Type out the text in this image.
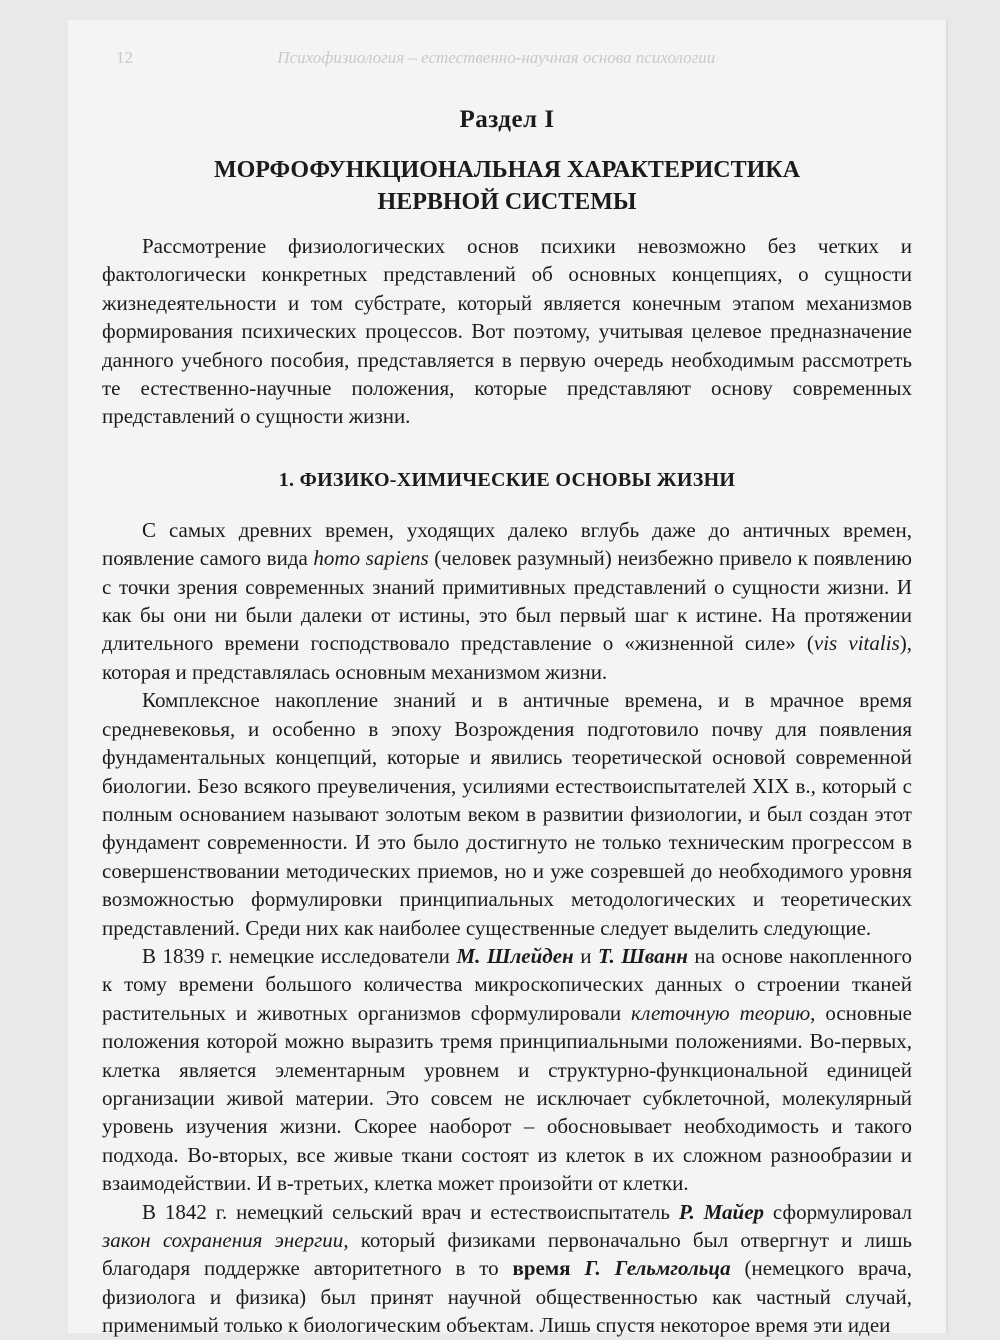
12	Психофизиология – естественно-научная основа психологии
Раздел I
МОРФОФУНКЦИОНАЛЬНАЯ ХАРАКТЕРИСТИКА
НЕРВНОЙ СИСТЕМЫ

Рассмотрение физиологических основ психики невозможно без четких и фактологически конкретных представлений об основных концепциях, о сущности жизнедеятельности и том субстрате, который является конечным этапом механизмов формирования психических процессов. Вот поэтому, учитывая целевое предназначение данного учебного пособия, представляется в первую очередь необходимым рассмотреть те естественно-научные положения, которые представляют основу современных представлений о сущности жизни.

1. ФИЗИКО-ХИМИЧЕСКИЕ ОСНОВЫ ЖИЗНИ

С самых древних времен, уходящих далеко вглубь даже до античных времен, появление самого вида homo sapiens (человек разумный) неизбежно привело к появлению с точки зрения современных знаний примитивных представлений о сущности жизни. И как бы они ни были далеки от истины, это был первый шаг к истине. На протяжении длительного времени господствовало представление о «жизненной силе» (vis vitalis), которая и представлялась основным механизмом жизни.

Комплексное накопление знаний и в античные времена, и в мрачное время средневековья, и особенно в эпоху Возрождения подготовило почву для появления фундаментальных концепций, которые и явились теоретической основой современной биологии. Безо всякого преувеличения, усилиями естествоиспытателей XIX в., который с полным основанием называют золотым веком в развитии физиологии, и был создан этот фундамент современности. И это было достигнуто не только техническим прогрессом в совершенствовании методических приемов, но и уже созревшей до необходимого уровня возможностью формулировки принципиальных методологических и теоретических представлений. Среди них как наиболее существенные следует выделить следующие.

В 1839 г. немецкие исследователи М. Шлейден и Т. Шванн на основе накопленного к тому времени большого количества микроскопических данных о строении тканей растительных и животных организмов сформулировали клеточную теорию, основные положения которой можно выразить тремя принципиальными положениями. Во-первых, клетка является элементарным уровнем и структурно-функциональной единицей организации живой материи. Это совсем не исключает субклеточной, молекулярный уровень изучения жизни. Скорее наоборот – обосновывает необходимость и такого подхода. Во-вторых, все живые ткани состоят из клеток в их сложном разнообразии и взаимодействии. И в-третьих, клетка может произойти от клетки.

В 1842 г. немецкий сельский врач и естествоиспытатель Р. Майер сформулировал закон сохранения энергии, который физиками первоначально был отвергнут и лишь благодаря поддержке авторитетного в то время Г. Гельмгольца (немецкого врача, физиолога и физика) был принят научной общественностью как частный случай, применимый только к биологическим объектам. Лишь спустя некоторое время эти идеи
